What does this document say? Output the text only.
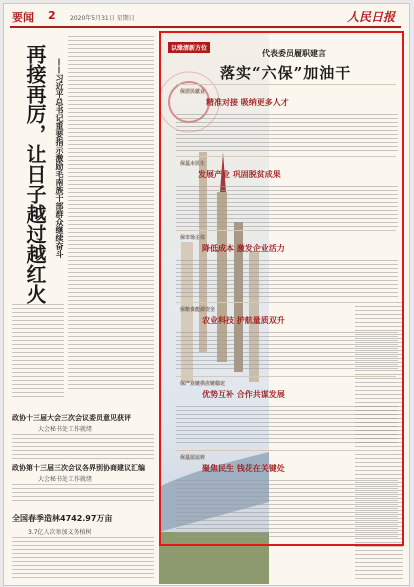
要闻 2 2020年5月31日 星期日	人民日报
再接再厉，让日子越过越红火	——习近平总书记重要指示激励毛南族干部群众继续奋斗
政协十三届大会三次会议委员意见获评
大会秘书处工作就绪
政协第十三届三次会议各界别协商建议汇编
大会秘书处工作就绪
全国春季造林4742.97万亩
3.7亿人次参加义务植树
以缘清新方位
代表委员履职建言
落实“六保”加油干
保居民就业
精准对接 吸纳更多人才
保基本民生
发展产业 巩固脱贫成果
保市场主体
降低成本 激发企业活力
保粮食能源安全
农业科技 护航量质双升
保产业链供应链稳定
优势互补 合作共谋发展
保基层运转
聚焦民生 钱花在关键处
